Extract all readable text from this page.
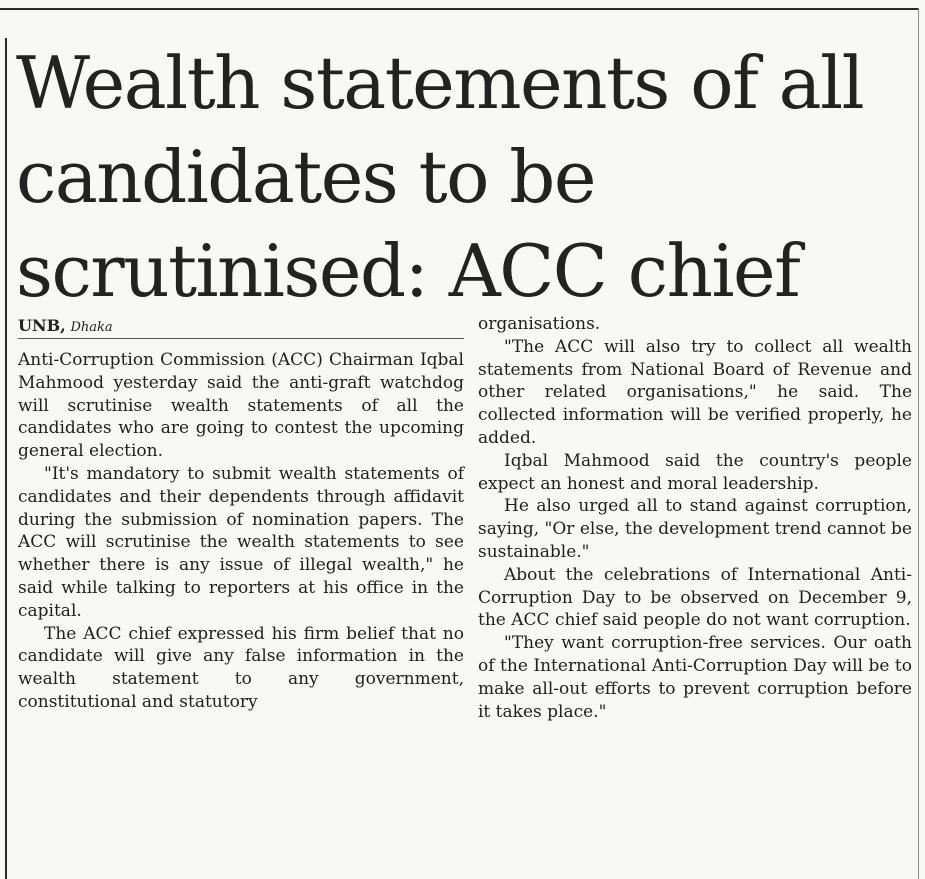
Wealth statements of all candidates to be scrutinised: ACC chief
UNB, Dhaka

Anti-Corruption Commission (ACC) Chairman Iqbal Mahmood yesterday said the anti-graft watchdog will scrutinise wealth statements of all the candidates who are going to contest the upcoming general election.

"It's mandatory to submit wealth statements of candidates and their dependents through affidavit during the submission of nomination papers. The ACC will scrutinise the wealth statements to see whether there is any issue of illegal wealth," he said while talking to reporters at his office in the capital.

The ACC chief expressed his firm belief that no candidate will give any false information in the wealth statement to any government, constitutional and statutory

organisations.

"The ACC will also try to collect all wealth statements from National Board of Revenue and other related organisations," he said. The collected information will be verified properly, he added.

Iqbal Mahmood said the country's people expect an honest and moral leadership.

He also urged all to stand against corruption, saying, "Or else, the development trend cannot be sustainable."

About the celebrations of International Anti-Corruption Day to be observed on December 9, the ACC chief said people do not want corruption.

"They want corruption-free services. Our oath of the International Anti-Corruption Day will be to make all-out efforts to prevent corruption before it takes place."
